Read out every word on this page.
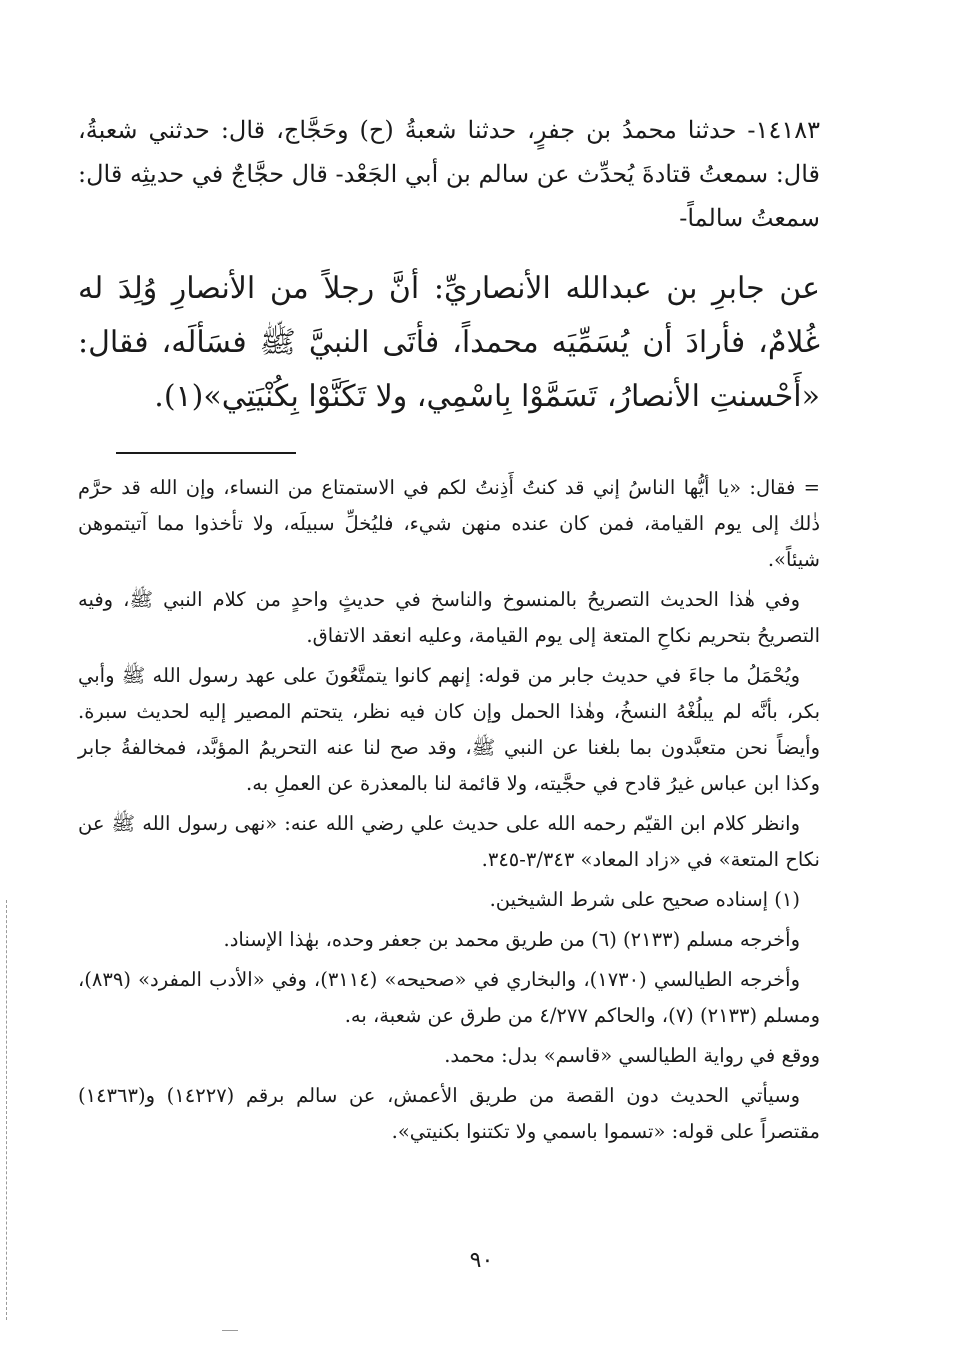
١٤١٨٣- حدثنا محمدُ بن جفرٍ، حدثنا شعبةُ (ح) وحَجَّاج، قال: حدثني شعبةُ، قال: سمعتُ قتادةَ يُحدِّث عن سالم بن أبي الجَعْد- قال حجَّاجٌ في حديثِه قال: سمعتُ سالماً-

عن جابرِ بن عبدالله الأنصاريِّ: أنَّ رجلاً من الأنصارِ وُلِدَ له غُلامٌ، فأرادَ أن يُسَمِّيَه محمداً، فأتَى النبيَّ ﷺ فسَألَه، فقال: «أَحْسنتِ الأنصارُ، تَسَمَّوْا بِاسْمِي، ولا تَكَنَّوْا بِكُنْيَتِي»(١).

= فقال: «يا أيُّها الناسُ إني قد كنتُ أَذِنتُ لكم في الاستمتاع من النساء، وإن الله قد حرَّم ذٰلك إلى يوم القيامة، فمن كان عنده منهن شيء، فليُخلِّ سبيلَه، ولا تأخذوا مما آتيتموهن شيئاً».

وفي هٰذا الحديث التصريحُ بالمنسوخ والناسخ في حديثٍ واحدٍ من كلام النبي ﷺ، وفيه التصريحُ بتحريم نكاحِ المتعة إلى يوم القيامة، وعليه انعقد الاتفاق.

ويُحْمَلُ ما جاءَ في حديث جابر من قوله: إنهم كانوا يتمتَّعُونَ على عهد رسول الله ﷺ وأبي بكر، بأنَّه لم يبلُغْهُ النسخُ، وهٰذا الحمل وإن كان فيه نظر، يتحتم المصير إليه لحديث سبرة. وأيضاً نحن متعبَّدون بما بلغنا عن النبي ﷺ، وقد صح لنا عنه التحريمُ المؤبَّد، فمخالفةُ جابر وكذا ابن عباس غيرُ قادح في حجَّيته، ولا قائمة لنا بالمعذرة عن العملِ به.

وانظر كلام ابن القيّم رحمه الله على حديث علي رضي الله عنه: «نهى رسول الله ﷺ عن نكاح المتعة» في «زاد المعاد» ٣/٣٤٣-٣٤٥.

(١) إسناده صحيح على شرط الشيخين.

وأخرجه مسلم (٢١٣٣) (٦) من طريق محمد بن جعفر وحده، بهٰذا الإسناد.

وأخرجه الطيالسي (١٧٣٠)، والبخاري في «صحيحه» (٣١١٤)، وفي «الأدب المفرد» (٨٣٩)، ومسلم (٢١٣٣) (٧)، والحاكم ٤/٢٧٧ من طرق عن شعبة، به.

ووقع في رواية الطيالسي «قاسم» بدل: محمد.

وسيأتي الحديث دون القصة من طريق الأعمش، عن سالم برقم (١٤٢٢٧) و(١٤٣٦٣) مقتصراً على قوله: «تسموا باسمي ولا تكتنوا بكنيتي».

٩٠
